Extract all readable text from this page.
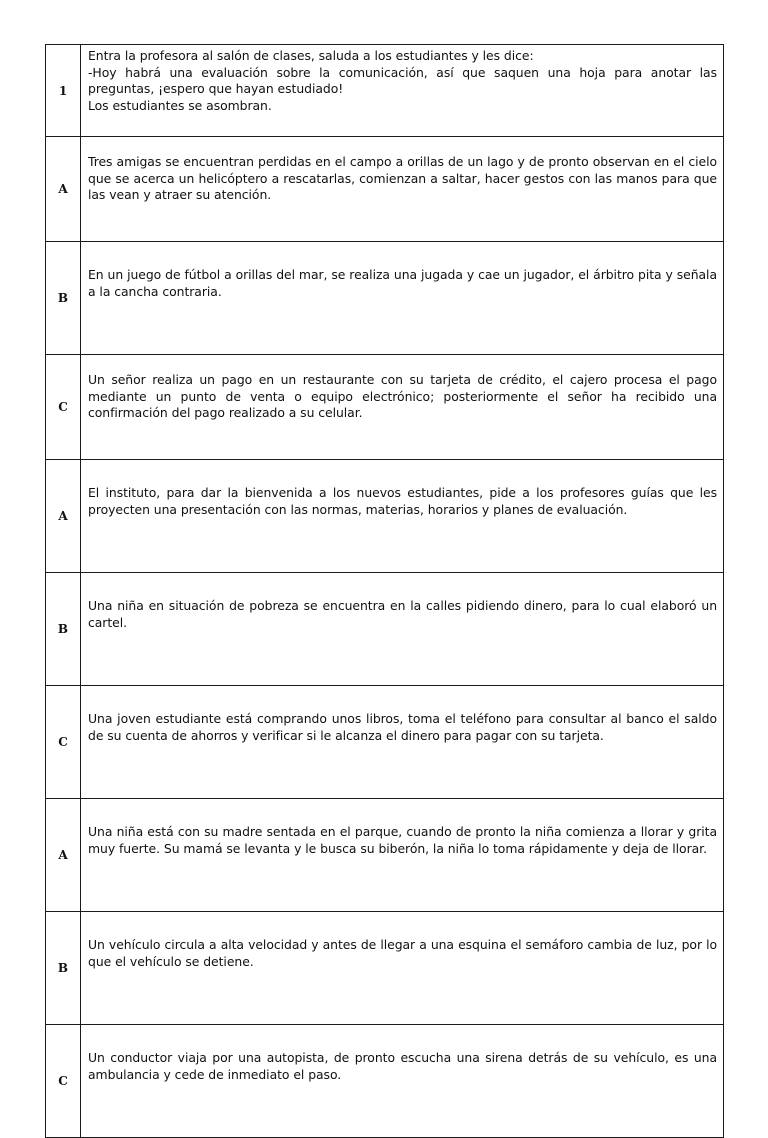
1	Entra la profesora al salón de clases, saluda a los estudiantes y les dice:
-Hoy habrá una evaluación sobre la comunicación, así que saquen una hoja para anotar las preguntas, ¡espero que hayan estudiado!
Los estudiantes se asombran.

A	Tres amigas se encuentran perdidas en el campo a orillas de un lago y de pronto observan en el cielo que se acerca un helicóptero a rescatarlas, comienzan a saltar, hacer gestos con las manos para que las vean y atraer su atención.

B	En un juego de fútbol a orillas del mar, se realiza una jugada y cae un jugador, el árbitro pita y señala a la cancha contraria.

C	Un señor realiza un pago en un restaurante con su tarjeta de crédito, el cajero procesa el pago mediante un punto de venta o equipo electrónico; posteriormente el señor ha recibido una confirmación del pago realizado a su celular.

A	El instituto, para dar la bienvenida a los nuevos estudiantes, pide a los profesores guías que les proyecten una presentación con las normas, materias, horarios y planes de evaluación.

B	Una niña en situación de pobreza se encuentra en la calles pidiendo dinero, para lo cual elaboró un cartel.

C	Una joven estudiante está comprando unos libros, toma el teléfono para consultar al banco el saldo de su cuenta de ahorros y verificar si le alcanza el dinero para pagar con su tarjeta.

A	Una niña está con su madre sentada en el parque, cuando de pronto la niña comienza a llorar y grita muy fuerte. Su mamá se levanta y le busca su biberón, la niña lo toma rápidamente y deja de llorar.

B	Un vehículo circula a alta velocidad y antes de llegar a una esquina el semáforo cambia de luz, por lo que el vehículo se detiene.

C	Un conductor viaja por una autopista, de pronto escucha una sirena detrás de su vehículo, es una ambulancia y cede de inmediato el paso.
